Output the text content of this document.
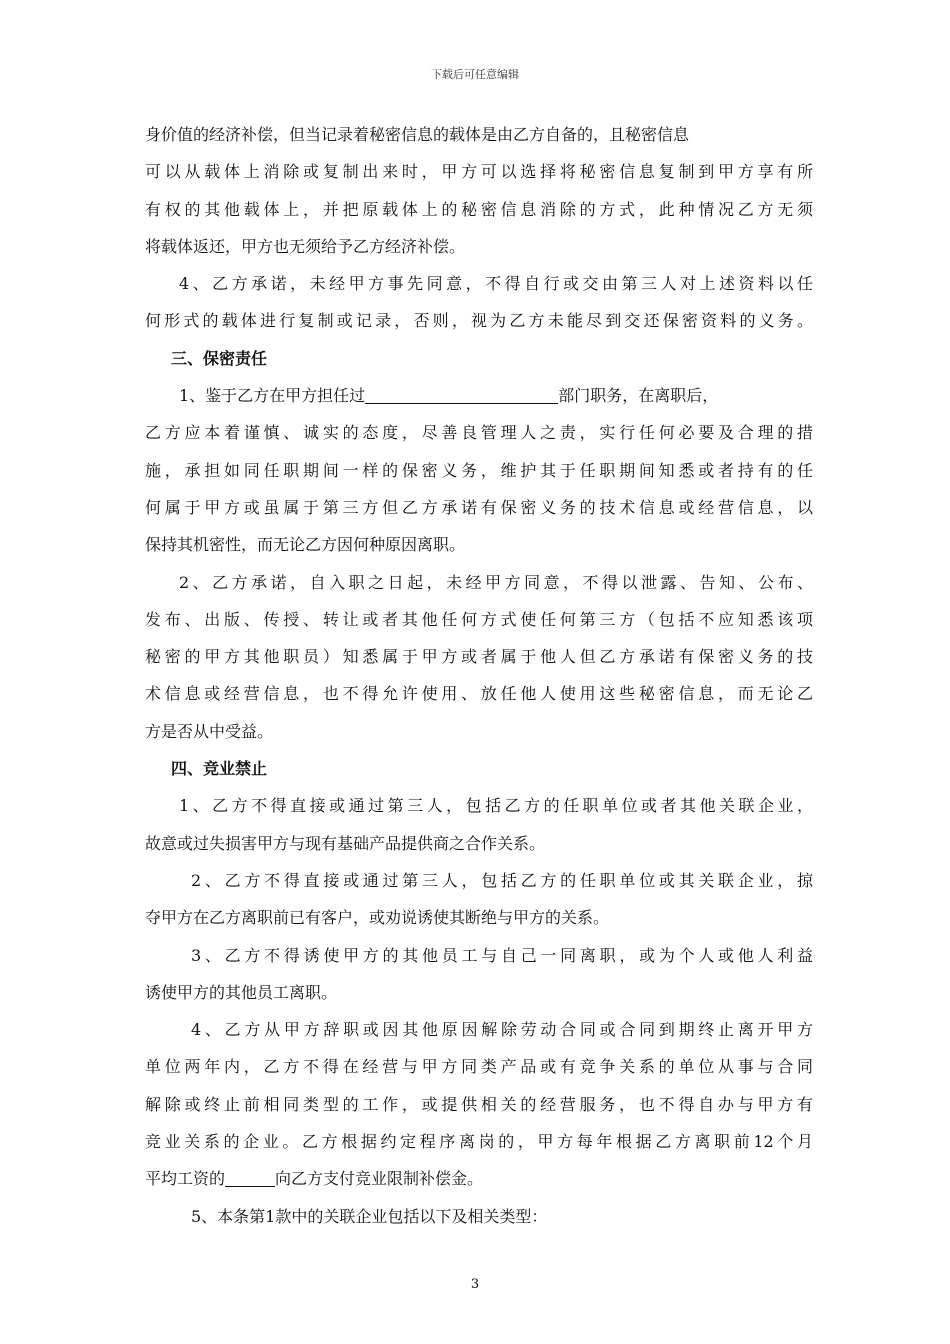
下载后可任意编辑
身价值的经济补偿，但当记录着秘密信息的载体是由乙方自备的，且秘密信息
可以从载体上消除或复制出来时，甲方可以选择将秘密信息复制到甲方享有所
有权的其他载体上，并把原载体上的秘密信息消除的方式，此种情况乙方无须
将载体返还，甲方也无须给予乙方经济补偿。
4、乙方承诺，未经甲方事先同意，不得自行或交由第三人对上述资料以任
何形式的载体进行复制或记录，否则，视为乙方未能尽到交还保密资料的义务。
三、保密责任
1、鉴于乙方在甲方担任过	部门职务，在离职后，
乙方应本着谨慎、诚实的态度，尽善良管理人之责，实行任何必要及合理的措
施，承担如同任职期间一样的保密义务，维护其于任职期间知悉或者持有的任
何属于甲方或虽属于第三方但乙方承诺有保密义务的技术信息或经营信息，以
保持其机密性，而无论乙方因何种原因离职。
2、乙方承诺，自入职之日起，未经甲方同意，不得以泄露、告知、公布、
发布、出版、传授、转让或者其他任何方式使任何第三方（包括不应知悉该项
秘密的甲方其他职员）知悉属于甲方或者属于他人但乙方承诺有保密义务的技
术信息或经营信息，也不得允许使用、放任他人使用这些秘密信息，而无论乙
方是否从中受益。
四、竞业禁止
1、乙方不得直接或通过第三人，包括乙方的任职单位或者其他关联企业，
故意或过失损害甲方与现有基础产品提供商之合作关系。
2、乙方不得直接或通过第三人，包括乙方的任职单位或其关联企业，掠
夺甲方在乙方离职前已有客户，或劝说诱使其断绝与甲方的关系。
3、乙方不得诱使甲方的其他员工与自己一同离职，或为个人或他人利益
诱使甲方的其他员工离职。
4、乙方从甲方辞职或因其他原因解除劳动合同或合同到期终止离开甲方
单位两年内，乙方不得在经营与甲方同类产品或有竞争关系的单位从事与合同
解除或终止前相同类型的工作，或提供相关的经营服务，也不得自办与甲方有
竞业关系的企业。乙方根据约定程序离岗的，甲方每年根据乙方离职前12个月
平均工资的	向乙方支付竞业限制补偿金。
5、本条第1款中的关联企业包括以下及相关类型：
3
